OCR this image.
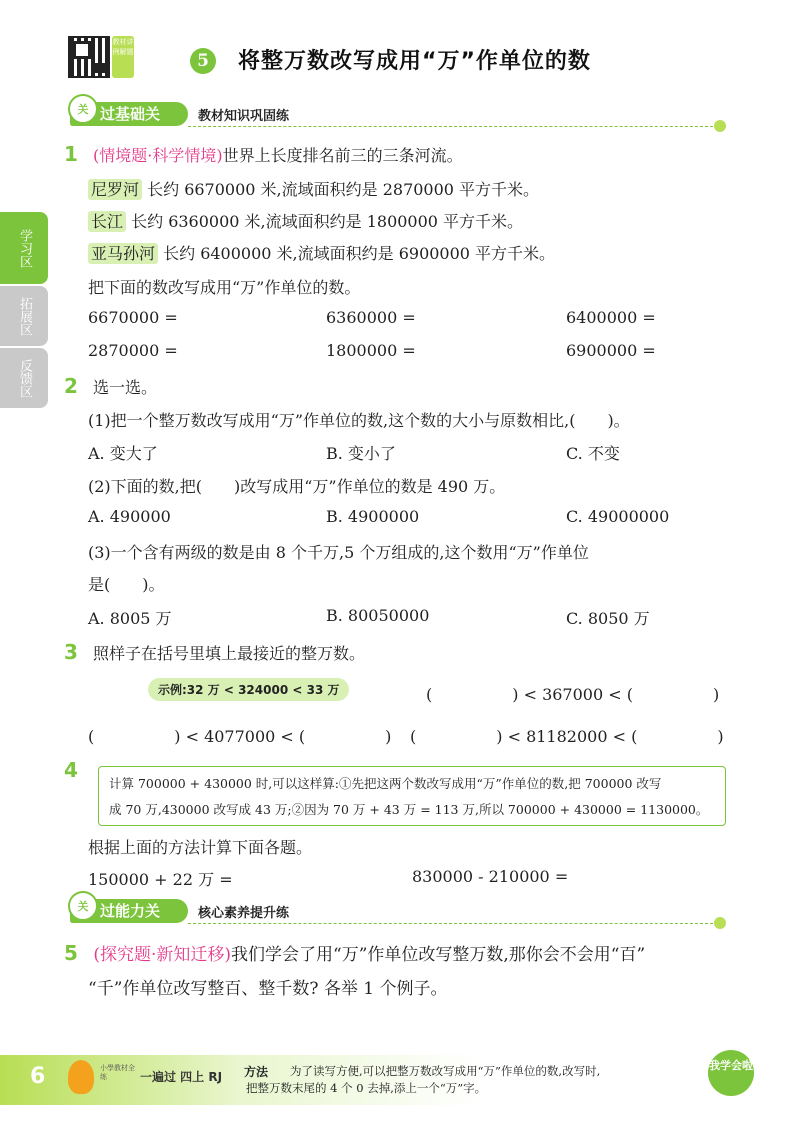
教材讲例解题	5	将整万数改写成用“万”作单位的数
学习区
拓展区
反馈区
过基础关
关	教材知识巩固练
1 (情境题·科学情境)世界上长度排名前三的三条河流。
尼罗河 长约 6670000 米,流域面积约是 2870000 平方千米。
长江 长约 6360000 米,流域面积约是 1800000 平方千米。
亚马孙河 长约 6400000 米,流域面积约是 6900000 平方千米。
把下面的数改写成用“万”作单位的数。
6670000 =	6360000 =	6400000 =
2870000 =	1800000 =	6900000 =
2 选一选。
(1)把一个整万数改写成用“万”作单位的数,这个数的大小与原数相比,(　　)。
A. 变大了	B. 变小了	C. 不变
(2)下面的数,把(　　)改写成用“万”作单位的数是 490 万。
A. 490000	B. 4900000	C. 49000000
(3)一个含有两级的数是由 8 个千万,5 个万组成的,这个数用“万”作单位
是(　　)。
A. 8005 万	B. 80050000	C. 8050 万
3 照样子在括号里填上最接近的整万数。
示例:32 万 < 324000 < 33 万	(　　　　　) < 367000 < (　　　　　)
(　　　　　) < 4077000 < (　　　　　) (　　　　　) < 81182000 < (　　　　　)
4
计算 700000 + 430000 时,可以这样算:①先把这两个数改写成用“万”作单位的数,把 700000 改写
成 70 万,430000 改写成 43 万;②因为 70 万 + 43 万 = 113 万,所以 700000 + 430000 = 1130000。
根据上面的方法计算下面各题。
150000 + 22 万 =	830000 - 210000 =
过能力关
关	核心素养提升练
5 (探究题·新知迁移)我们学会了用“万”作单位改写整万数,那你会不会用“百”
“千”作单位改写整百、整千数? 各举 1 个例子。
6	小學教材全练	一遍过 四上 RJ 方法 为了读写方便,可以把整万数改写成用“万”作单位的数,改写时,
把整万数末尾的 4 个 0 去掉,添上一个“万”字。
我学会啦
